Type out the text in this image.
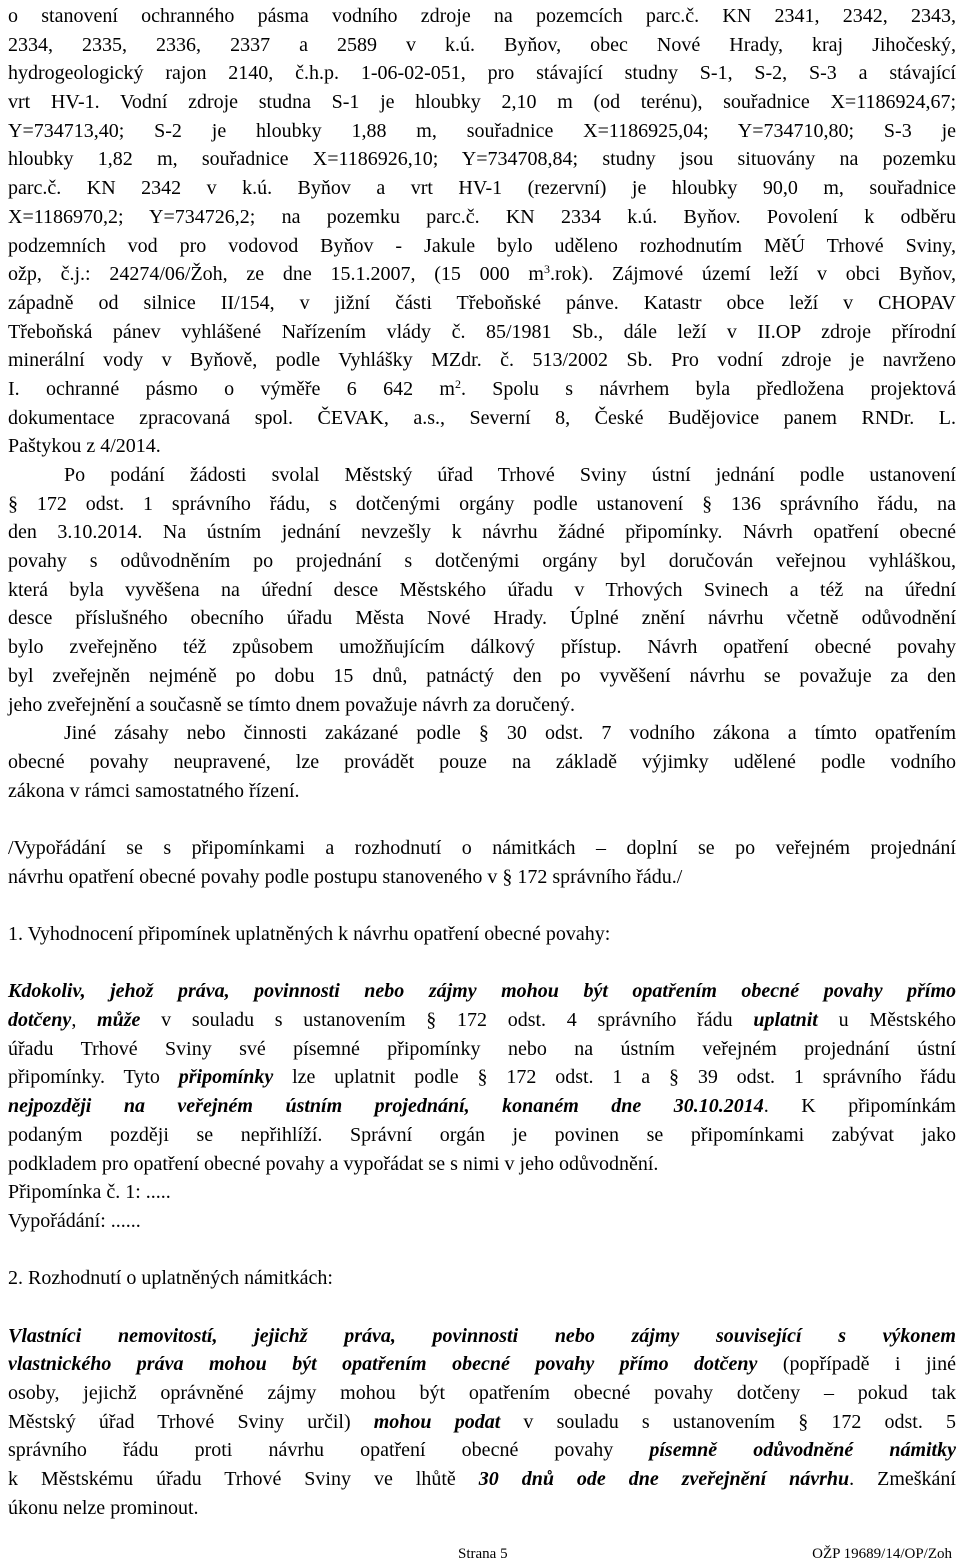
o stanovení ochranného pásma vodního zdroje na pozemcích parc.č. KN 2341, 2342, 2343,
2334, 2335, 2336, 2337 a 2589 v k.ú. Byňov, obec Nové Hrady, kraj Jihočeský,
hydrogeologický rajon 2140, č.h.p. 1-06-02-051, pro stávající studny S-1, S-2, S-3 a stávající
vrt HV-1. Vodní zdroje studna S-1 je hloubky 2,10 m (od terénu), souřadnice X=1186924,67;
Y=734713,40; S-2 je hloubky 1,88 m, souřadnice X=1186925,04; Y=734710,80; S-3 je
hloubky 1,82 m, souřadnice X=1186926,10; Y=734708,84; studny jsou situovány na pozemku
parc.č. KN 2342 v k.ú. Byňov a vrt HV-1 (rezervní) je hloubky 90,0 m, souřadnice
X=1186970,2; Y=734726,2; na pozemku parc.č. KN 2334 k.ú. Byňov. Povolení k odběru
podzemních vod pro vodovod Byňov - Jakule bylo uděleno rozhodnutím MěÚ Trhové Sviny,
ožp, č.j.: 24274/06/Žoh, ze dne 15.1.2007, (15 000 $m^3.rok$). Zájmové území leží v obci Byňov,
západně od silnice II/154, v jižní části Třeboňské pánve. Katastr obce leží v CHOPAV
Třeboňská pánev vyhlášené Nařízením vlády č. 85/1981 Sb., dále leží v II.OP zdroje přírodní
minerální vody v Byňově, podle Vyhlášky MZdr. č. 513/2002 Sb. Pro vodní zdroje je navrženo
I. ochranné pásmo o výměře 6 642 $m^2$. Spolu s návrhem byla předložena projektová
dokumentace zpracovaná spol. ČEVAK, a.s., Severní 8, České Budějovice panem RNDr. L.
Paštykou z 4/2014.
Po podání žádosti svolal Městský úřad Trhové Sviny ústní jednání podle ustanovení
§ 172 odst. 1 správního řádu, s dotčenými orgány podle ustanovení § 136 správního řádu, na
den 3.10.2014. Na ústním jednání nevzešly k návrhu žádné připomínky. Návrh opatření obecné
povahy s odůvodněním po projednání s dotčenými orgány byl doručován veřejnou vyhláškou,
která byla vyvěšena na úřední desce Městského úřadu v Trhových Svinech a též na úřední
desce příslušného obecního úřadu Města Nové Hrady. Úplné znění návrhu včetně odůvodnění
bylo zveřejněno též způsobem umožňujícím dálkový přístup. Návrh opatření obecné povahy
byl zveřejněn nejméně po dobu 15 dnů, patnáctý den po vyvěšení návrhu se považuje za den
jeho zveřejnění a současně se tímto dnem považuje návrh za doručený.
Jiné zásahy nebo činnosti zakázané podle § 30 odst. 7 vodního zákona a tímto opatřením
obecné povahy neupravené, lze provádět pouze na základě výjimky udělené podle vodního
zákona v rámci samostatného řízení.
/Vypořádání se s připomínkami a rozhodnutí o námitkách – doplní se po veřejném projednání
návrhu opatření obecné povahy podle postupu stanoveného v § 172 správního řádu./
1. Vyhodnocení připomínek uplatněných k návrhu opatření obecné povahy:
Kdokoliv, jehož práva, povinnosti nebo zájmy mohou být opatřením obecné povahy přímo
dotčeny, může v souladu s ustanovením § 172 odst. 4 správního řádu uplatnit u Městského
úřadu Trhové Sviny své písemné připomínky nebo na ústním veřejném projednání ústní
připomínky. Tyto připomínky lze uplatnit podle § 172 odst. 1 a § 39 odst. 1 správního řádu
nejpozději na veřejném ústním projednání, konaném dne 30.10.2014. K připomínkám
podaným později se nepřihlíží. Správní orgán je povinen se připomínkami zabývat jako
podkladem pro opatření obecné povahy a vypořádat se s nimi v jeho odůvodnění.
Připomínka č. 1: .....
Vypořádání: ......
2. Rozhodnutí o uplatněných námitkách:
Vlastníci nemovitostí, jejichž práva, povinnosti nebo zájmy související s výkonem
vlastnického práva mohou být opatřením obecné povahy přímo dotčeny (popřípadě i jiné
osoby, jejichž oprávněné zájmy mohou být opatřením obecné povahy dotčeny – pokud tak
Městský úřad Trhové Sviny určil) mohou podat v souladu s ustanovením § 172 odst. 5
správního řádu proti návrhu opatření obecné povahy písemně odůvodněné námitky
k Městskému úřadu Trhové Sviny ve lhůtě 30 dnů ode dne zveřejnění návrhu. Zmeškání
úkonu nelze prominout.
Strana 5	OŽP 19689/14/OP/Zoh
